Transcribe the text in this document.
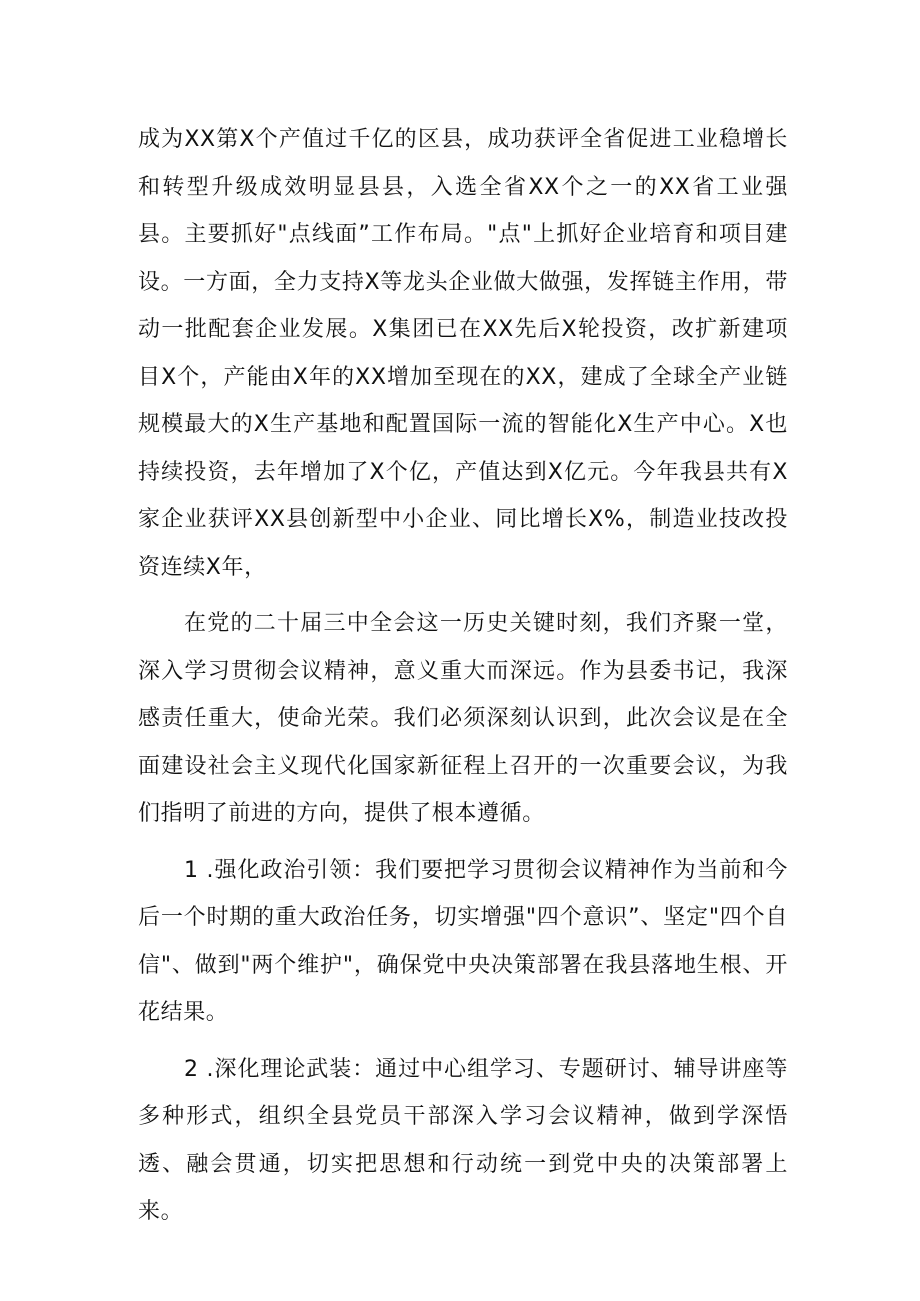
成为XX第X个产值过千亿的区县，成功获评全省促进工业稳增长和转型升级成效明显县县，入选全省XX个之一的XX省工业强县。主要抓好"点线面”工作布局。"点"上抓好企业培育和项目建设。一方面，全力支持X等龙头企业做大做强，发挥链主作用，带动一批配套企业发展。X集团已在XX先后X轮投资，改扩新建项目X个，产能由X年的XX增加至现在的XX，建成了全球全产业链规模最大的X生产基地和配置国际一流的智能化X生产中心。X也持续投资，去年增加了X个亿，产值达到X亿元。今年我县共有X家企业获评XX县创新型中小企业、同比增长X%，制造业技改投资连续X年，

在党的二十届三中全会这一历史关键时刻，我们齐聚一堂，深入学习贯彻会议精神，意义重大而深远。作为县委书记，我深感责任重大，使命光荣。我们必须深刻认识到，此次会议是在全面建设社会主义现代化国家新征程上召开的一次重要会议，为我们指明了前进的方向，提供了根本遵循。

1 .强化政治引领：我们要把学习贯彻会议精神作为当前和今后一个时期的重大政治任务，切实增强"四个意识”、坚定"四个自信"、做到"两个维护"，确保党中央决策部署在我县落地生根、开花结果。

2 .深化理论武装：通过中心组学习、专题研讨、辅导讲座等多种形式，组织全县党员干部深入学习会议精神，做到学深悟透、融会贯通，切实把思想和行动统一到党中央的决策部署上来。
